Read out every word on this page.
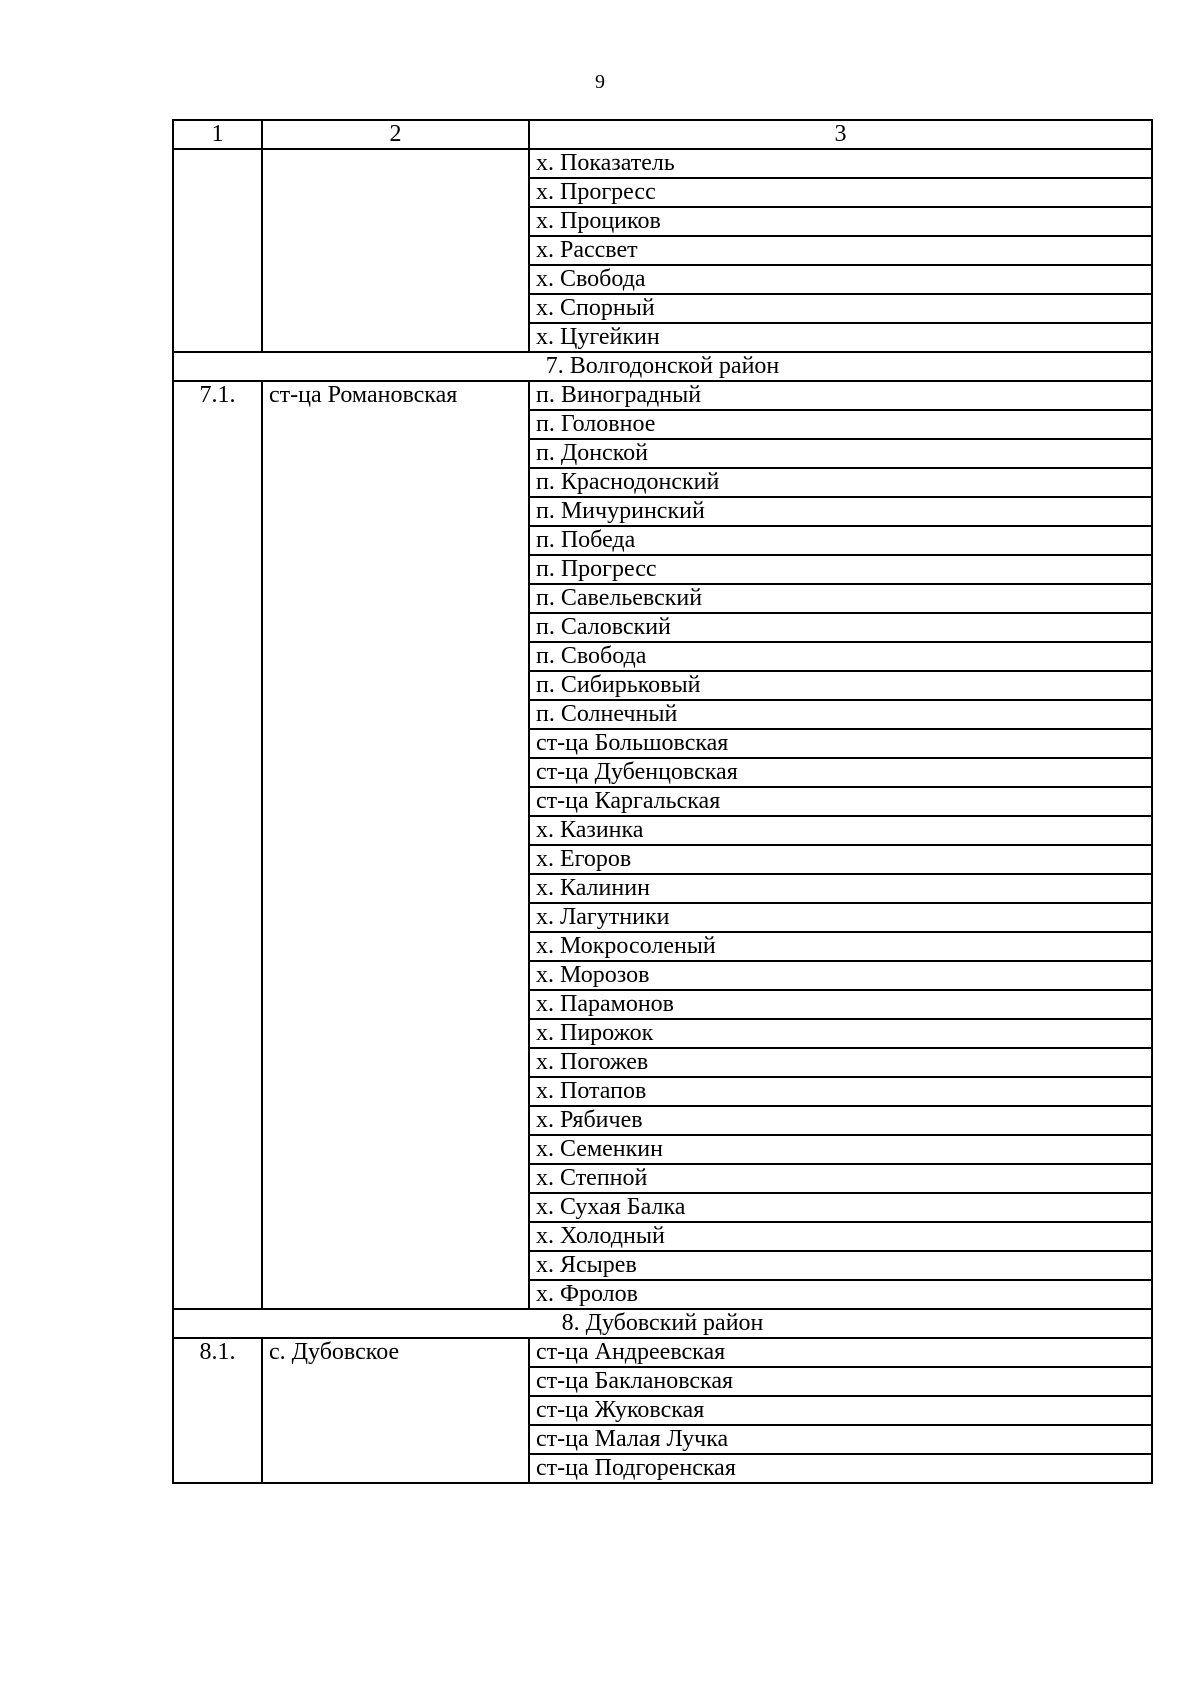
9
1	2	3
		х. Показатель
		х. Прогресс
		х. Проциков
		х. Рассвет
		х. Свобода
		х. Спорный
		х. Цугейкин
7. Волгодонской район		
7.1.	ст-ца Романовская	п. Виноградный
		п. Головное
		п. Донской
		п. Краснодонский
		п. Мичуринский
		п. Победа
		п. Прогресс
		п. Савельевский
		п. Саловский
		п. Свобода
		п. Сибирьковый
		п. Солнечный
		ст-ца Большовская
		ст-ца Дубенцовская
		ст-ца Каргальская
		х. Казинка
		х. Егоров
		х. Калинин
		х. Лагутники
		х. Мокросоленый
		х. Морозов
		х. Парамонов
		х. Пирожок
		х. Погожев
		х. Потапов
		х. Рябичев
		х. Семенкин
		х. Степной
		х. Сухая Балка
		х. Холодный
		х. Ясырев
		х. Фролов
8. Дубовский район		
8.1.	с. Дубовское	ст-ца Андреевская
		ст-ца Баклановская
		ст-ца Жуковская
		ст-ца Малая Лучка
		ст-ца Подгоренская
